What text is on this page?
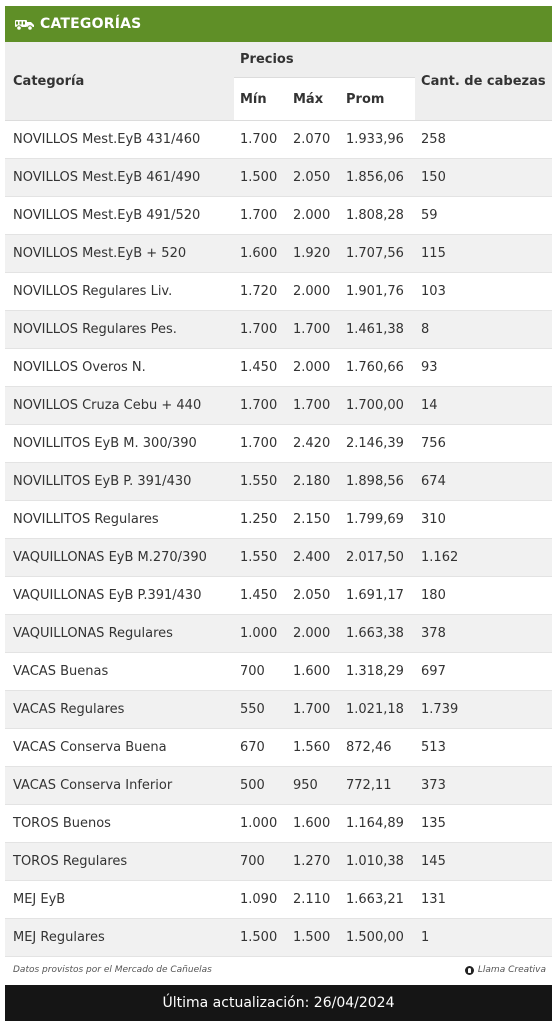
CATEGORÍAS
Categoría	Precios			Cant. de cabezas
	Mín	Máx	Prom	
NOVILLOS Mest.EyB 431/460	1.700	2.070	1.933,96	258
NOVILLOS Mest.EyB 461/490	1.500	2.050	1.856,06	150
NOVILLOS Mest.EyB 491/520	1.700	2.000	1.808,28	59
NOVILLOS Mest.EyB + 520	1.600	1.920	1.707,56	115
NOVILLOS Regulares Liv.	1.720	2.000	1.901,76	103
NOVILLOS Regulares Pes.	1.700	1.700	1.461,38	8
NOVILLOS Overos N.	1.450	2.000	1.760,66	93
NOVILLOS Cruza Cebu + 440	1.700	1.700	1.700,00	14
NOVILLITOS EyB M. 300/390	1.700	2.420	2.146,39	756
NOVILLITOS EyB P. 391/430	1.550	2.180	1.898,56	674
NOVILLITOS Regulares	1.250	2.150	1.799,69	310
VAQUILLONAS EyB M.270/390	1.550	2.400	2.017,50	1.162
VAQUILLONAS EyB P.391/430	1.450	2.050	1.691,17	180
VAQUILLONAS Regulares	1.000	2.000	1.663,38	378
VACAS Buenas	700	1.600	1.318,29	697
VACAS Regulares	550	1.700	1.021,18	1.739
VACAS Conserva Buena	670	1.560	872,46	513
VACAS Conserva Inferior	500	950	772,11	373
TOROS Buenos	1.000	1.600	1.164,89	135
TOROS Regulares	700	1.270	1.010,38	145
MEJ EyB	1.090	2.110	1.663,21	131
MEJ Regulares	1.500	1.500	1.500,00	1
Datos provistos por el Mercado de Cañuelas	Llama Creativa
Última actualización: 26/04/2024
